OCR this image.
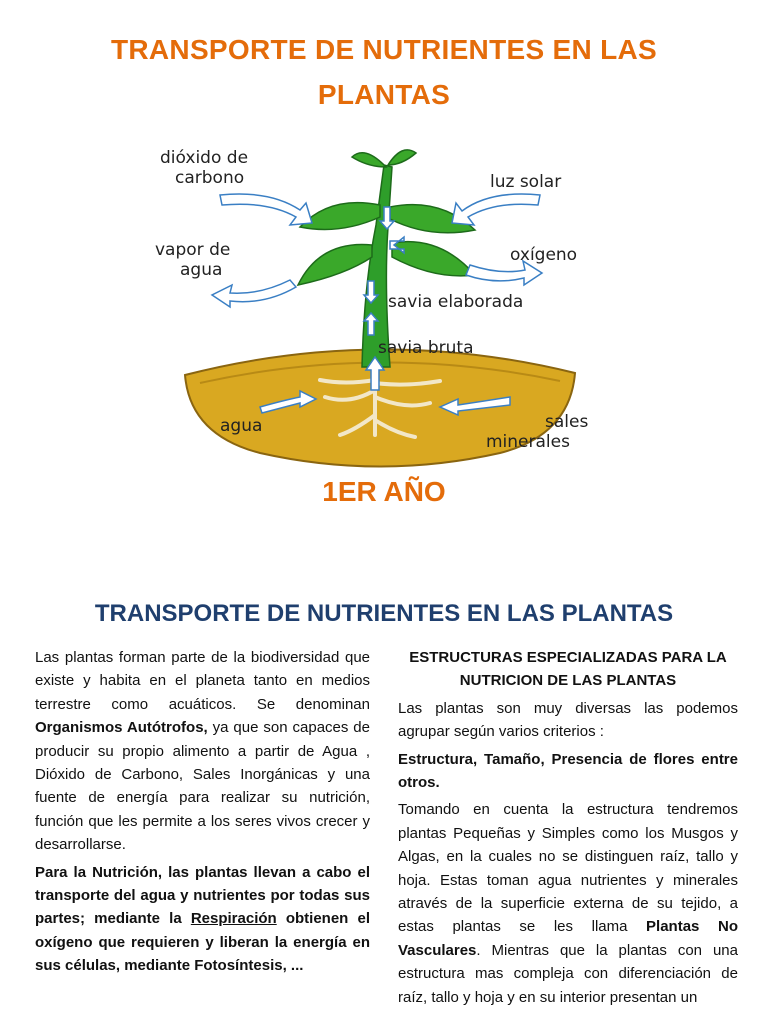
TRANSPORTE DE NUTRIENTES EN LAS
PLANTAS
dióxido de
carbono	luz solar
vapor de
agua
oxígeno
savia elaborada
savia bruta
agua	sales
minerales
1ER AÑO
TRANSPORTE DE NUTRIENTES EN LAS PLANTAS

Las plantas forman parte de la biodiversidad que existe y habita en el planeta tanto en medios terrestre como acuáticos. Se denominan Organismos Autótrofos, ya que son capaces de producir su propio alimento a partir de Agua , Dióxido de Carbono, Sales Inorgánicas y una fuente de energía para realizar su nutrición, función que les permite a los seres vivos crecer y desarrollarse.

Para la Nutrición, las plantas llevan a cabo el transporte del agua y nutrientes por todas sus partes; mediante la Respiración obtienen el oxígeno que requieren y liberan la energía en sus células, mediante Fotosíntesis, ...

ESTRUCTURAS ESPECIALIZADAS PARA LA NUTRICION DE LAS PLANTAS

Las plantas son muy diversas las podemos agrupar según varios criterios :

Estructura, Tamaño, Presencia de flores entre otros.

Tomando en cuenta la estructura tendremos plantas Pequeñas y Simples como los Musgos y Algas, en la cuales no se distinguen raíz, tallo y hoja. Estas toman agua nutrientes y minerales através de la superficie externa de su tejido, a estas plantas se les llama Plantas No Vasculares. Mientras que la plantas con una estructura mas compleja con diferenciación de raíz, tallo y hoja y en su interior presentan un
